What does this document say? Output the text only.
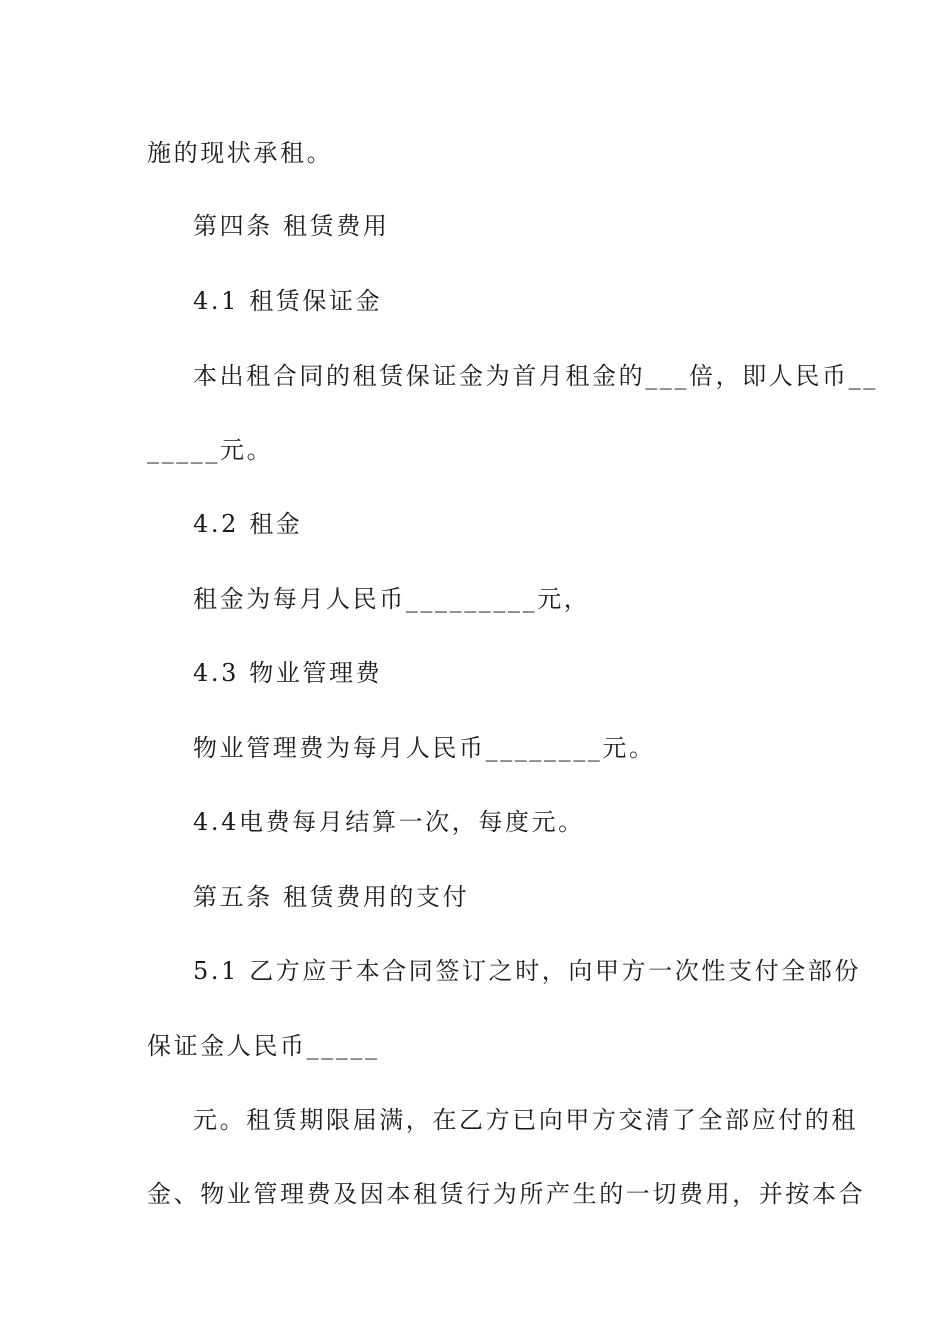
施的现状承租。
第四条 租赁费用
4.1 租赁保证金
本出租合同的租赁保证金为首月租金的___倍，即人民币__
_____元。
4.2 租金
租金为每月人民币_________元，
4.3 物业管理费
物业管理费为每月人民币________元。
4.4电费每月结算一次，每度元。
第五条 租赁费用的支付
5.1 乙方应于本合同签订之时，向甲方一次性支付全部份
保证金人民币_____
元。租赁期限届满，在乙方已向甲方交清了全部应付的租
金、物业管理费及因本租赁行为所产生的一切费用，并按本合
